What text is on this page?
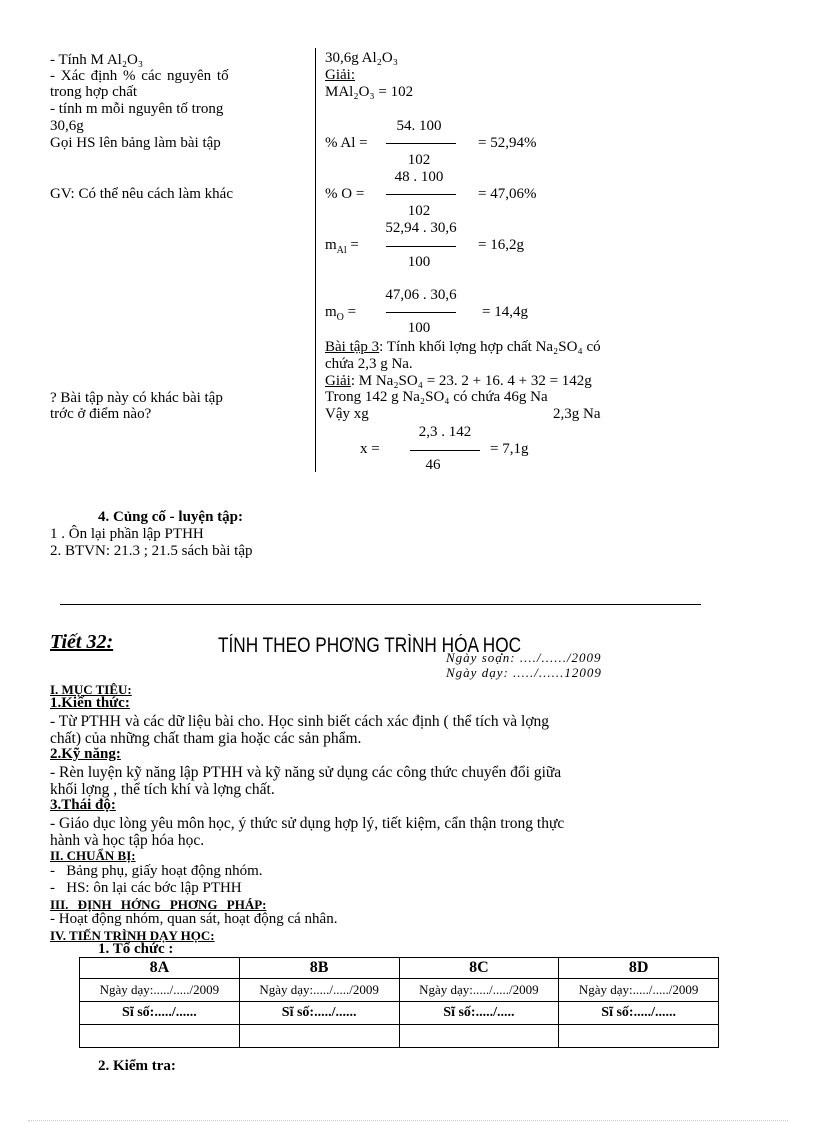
- Tính M Al₂O₃
- Xác định % các nguyên tố
trong hợp chất
- tính m mỗi nguyên tố trong
30,6g
Gọi HS lên bảng làm bài tập
GV: Có thể nêu cách làm khác
? Bài tập này có khác bài tập
trớc ở điểm nào?
30,6g Al₂O₃
Giải:
MAl₂O₃ = 102
% Al =
54. 100
102
= 52,94%
% O =
48 . 100
102
= 47,06%
$m_{Al}$ =
52,94 . 30,6
100
= 16,2g
$m_O$ =
47,06 . 30,6
100
= 14,4g
Bài tập 3: Tính khối lợng hợp chất Na₂SO₄ có
chứa 2,3 g Na.
Giải: M Na₂SO₄ = 23. 2 + 16. 4 + 32 = 142g
Trong 142 g Na₂SO₄ có chứa 46g Na
Vậy xg	2,3g Na
x =
2,3 . 142
46
= 7,1g
4. Củng cố - luyện tập:
1 . Ôn lại phần lập PTHH
2. BTVN: 21.3 ; 21.5 sách bài tập
Tiết 32:	TÍNH THEO PHƠNG TRÌNH HÓA HỌC
Ngày soạn: ..../....../2009
Ngày dạy: ...../......12009
I. MỤC TIÊU:
1.Kiến thức:
- Từ PTHH và các dữ liệu bài cho. Học sinh biết cách xác định ( thể tích và lợng
chất) của những chất tham gia hoặc các sản phẩm.
2.Kỹ năng:
- Rèn luyện kỹ năng lập PTHH và kỹ năng sử dụng các công thức chuyển đổi giữa
khối lợng , thể tích khí và lợng chất.
3.Thái độ:
- Giáo dục lòng yêu môn học, ý thức sử dụng hợp lý, tiết kiệm, cẩn thận trong thực
hành và học tập hóa học.
II. CHUẨN BỊ:
-   Bảng phụ, giấy hoạt động nhóm.
-   HS: ôn lại các bớc lập PTHH
III. ĐỊNH HỚNG PHƠNG PHÁP:
- Hoạt động nhóm, quan sát, hoạt động cá nhân.
IV. TIẾN TRÌNH DẠY HỌC:
1. Tổ chức :
8A	8B	8C	8D
Ngày dạy:...../...../2009	Ngày dạy:...../...../2009	Ngày dạy:...../...../2009	Ngày dạy:...../...../2009
Sĩ số:...../......	Sĩ số:...../......	Sĩ số:...../.....	Sĩ số:...../......

2. Kiểm tra:
